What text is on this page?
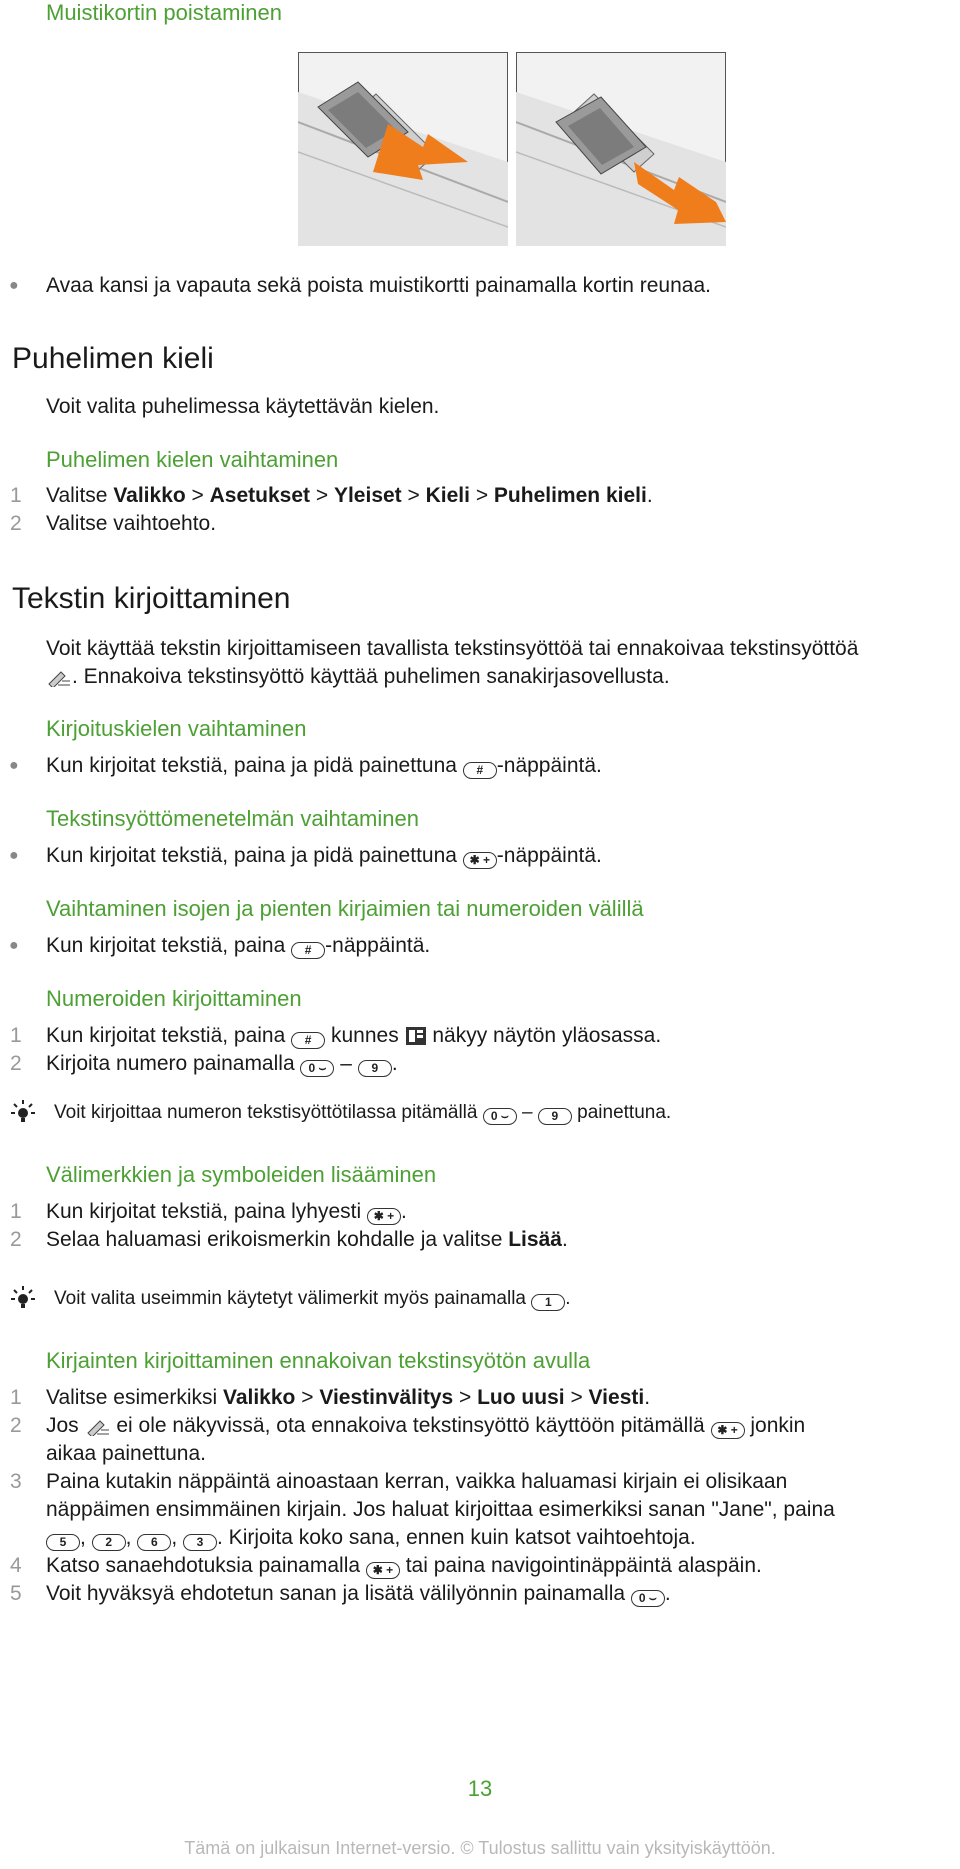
Muistikortin poistaminen
●	Avaa kansi ja vapauta sekä poista muistikortti painamalla kortin reunaa.
Puhelimen kieli

Voit valita puhelimessa käytettävän kielen.

Puhelimen kielen vaihtaminen
1	Valitse Valikko > Asetukset > Yleiset > Kieli > Puhelimen kieli.
2	Valitse vaihtoehto.
Tekstin kirjoittaminen

Voit käyttää tekstin kirjoittamiseen tavallista tekstinsyöttöä tai ennakoivaa tekstinsyöttöä
. Ennakoiva tekstinsyöttö käyttää puhelimen sanakirjasovellusta.

Kirjoituskielen vaihtaminen
●	Kun kirjoitat tekstiä, paina ja pidä painettuna # -näppäintä.
Tekstinsyöttömenetelmän vaihtaminen
●	Kun kirjoitat tekstiä, paina ja pidä painettuna ✱ + -näppäintä.
Vaihtaminen isojen ja pienten kirjaimien tai numeroiden välillä
●	Kun kirjoitat tekstiä, paina # -näppäintä.
Numeroiden kirjoittaminen
1	Kun kirjoitat tekstiä, paina # kunnes  näkyy näytön yläosassa.
2	Kirjoita numero painamalla 0 ⌣ – 9 .
Voit kirjoittaa numeron tekstisyöttötilassa pitämällä 0 ⌣ – 9 painettuna.
Välimerkkien ja symboleiden lisääminen
1	Kun kirjoitat tekstiä, paina lyhyesti ✱ + .
2	Selaa haluamasi erikoismerkin kohdalle ja valitse Lisää.
Voit valita useimmin käytetyt välimerkit myös painamalla 1 .
Kirjainten kirjoittaminen ennakoivan tekstinsyötön avulla
1	Valitse esimerkiksi Valikko > Viestinvälitys > Luo uusi > Viesti.
2	Jos  ei ole näkyvissä, ota ennakoiva tekstinsyöttö käyttöön pitämällä ✱ + jonkin
aikaa painettuna.
3	Paina kutakin näppäintä ainoastaan kerran, vaikka haluamasi kirjain ei olisikaan
näppäimen ensimmäinen kirjain. Jos haluat kirjoittaa esimerkiksi sanan "Jane", paina
5 , 2 , 6 , 3 . Kirjoita koko sana, ennen kuin katsot vaihtoehtoja.
4	Katso sanaehdotuksia painamalla ✱ + tai paina navigointinäppäintä alaspäin.
5	Voit hyväksyä ehdotetun sanan ja lisätä välilyönnin painamalla 0 ⌣ .
13
Tämä on julkaisun Internet-versio. © Tulostus sallittu vain yksityiskäyttöön.
